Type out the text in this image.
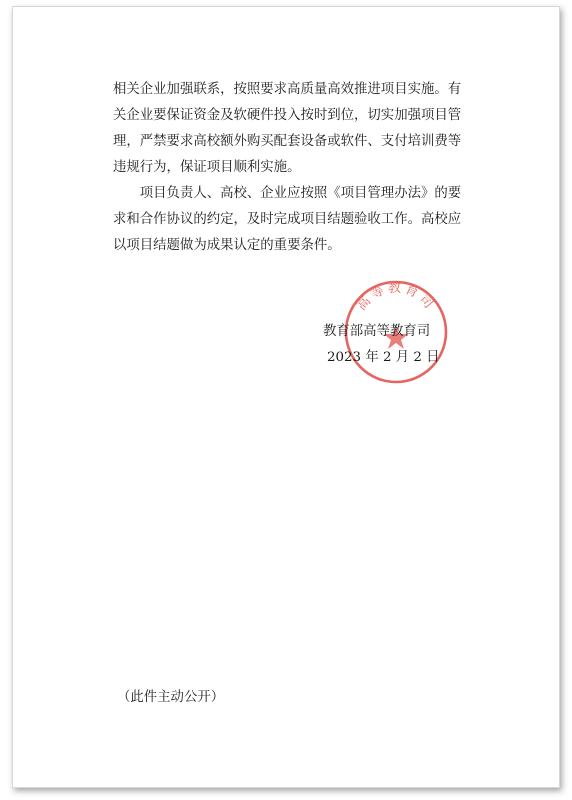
相关企业加强联系，按照要求高质量高效推进项目实施。有
关企业要保证资金及软硬件投入按时到位，切实加强项目管
理，严禁要求高校额外购买配套设备或软件、支付培训费等
违规行为，保证项目顺利实施。
　　项目负责人、高校、企业应按照《项目管理办法》的要
求和合作协议的约定，及时完成项目结题验收工作。高校应
以项目结题做为成果认定的重要条件。
高等教育司
教育部高等教育司
2023 年 2 月 2 日
（此件主动公开）
